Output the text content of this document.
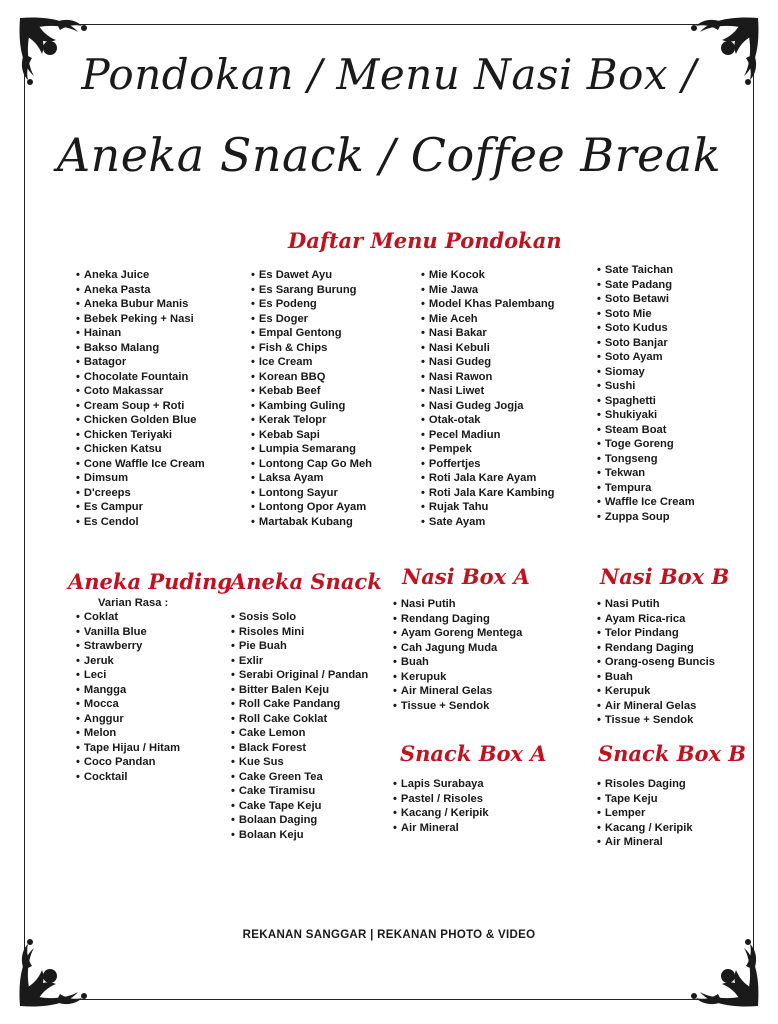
Pondokan / Menu Nasi Box /
Aneka Snack / Coffee Break
Daftar Menu Pondokan
• Aneka Juice
• Aneka Pasta
• Aneka Bubur Manis
• Bebek Peking + Nasi
• Hainan
• Bakso Malang
• Batagor
• Chocolate Fountain
• Coto Makassar
• Cream Soup + Roti
• Chicken Golden Blue
• Chicken Teriyaki
• Chicken Katsu
• Cone Waffle Ice Cream
• Dimsum
• D'creeps
• Es Campur
• Es Cendol
• Es Dawet Ayu
• Es Sarang Burung
• Es Podeng
• Es Doger
• Empal Gentong
• Fish & Chips
• Ice Cream
• Korean BBQ
• Kebab Beef
• Kambing Guling
• Kerak Telopr
• Kebab Sapi
• Lumpia Semarang
• Lontong Cap Go Meh
• Laksa Ayam
• Lontong Sayur
• Lontong Opor Ayam
• Martabak Kubang
• Mie Kocok
• Mie Jawa
• Model Khas Palembang
• Mie Aceh
• Nasi Bakar
• Nasi Kebuli
• Nasi Gudeg
• Nasi Rawon
• Nasi Liwet
• Nasi Gudeg Jogja
• Otak-otak
• Pecel Madiun
• Pempek
• Poffertjes
• Roti Jala Kare Ayam
• Roti Jala Kare Kambing
• Rujak Tahu
• Sate Ayam
• Sate Taichan
• Sate Padang
• Soto Betawi
• Soto Mie
• Soto Kudus
• Soto Banjar
• Soto Ayam
• Siomay
• Sushi
• Spaghetti
• Shukiyaki
• Steam Boat
• Toge Goreng
• Tongseng
• Tekwan
• Tempura
• Waffle Ice Cream
• Zuppa Soup
Aneka Puding
Varian Rasa :
• Coklat
• Vanilla Blue
• Strawberry
• Jeruk
• Leci
• Mangga
• Mocca
• Anggur
• Melon
• Tape Hijau / Hitam
• Coco Pandan
• Cocktail
Aneka Snack
• Sosis Solo
• Risoles Mini
• Pie Buah
• Exlir
• Serabi Original / Pandan
• Bitter Balen Keju
• Roll Cake Pandang
• Roll Cake Coklat
• Cake Lemon
• Black Forest
• Kue Sus
• Cake Green Tea
• Cake Tiramisu
• Cake Tape Keju
• Bolaan Daging
• Bolaan Keju
Nasi Box A
• Nasi Putih
• Rendang Daging
• Ayam Goreng Mentega
• Cah Jagung Muda
• Buah
• Kerupuk
• Air Mineral Gelas
• Tissue + Sendok
Nasi Box B
• Nasi Putih
• Ayam Rica-rica
• Telor Pindang
• Rendang Daging
• Orang-oseng Buncis
• Buah
• Kerupuk
• Air Mineral Gelas
• Tissue + Sendok
Snack Box A
• Lapis Surabaya
• Pastel / Risoles
• Kacang / Keripik
• Air Mineral
Snack Box B
• Risoles Daging
• Tape Keju
• Lemper
• Kacang / Keripik
• Air Mineral
REKANAN SANGGAR | REKANAN PHOTO & VIDEO
